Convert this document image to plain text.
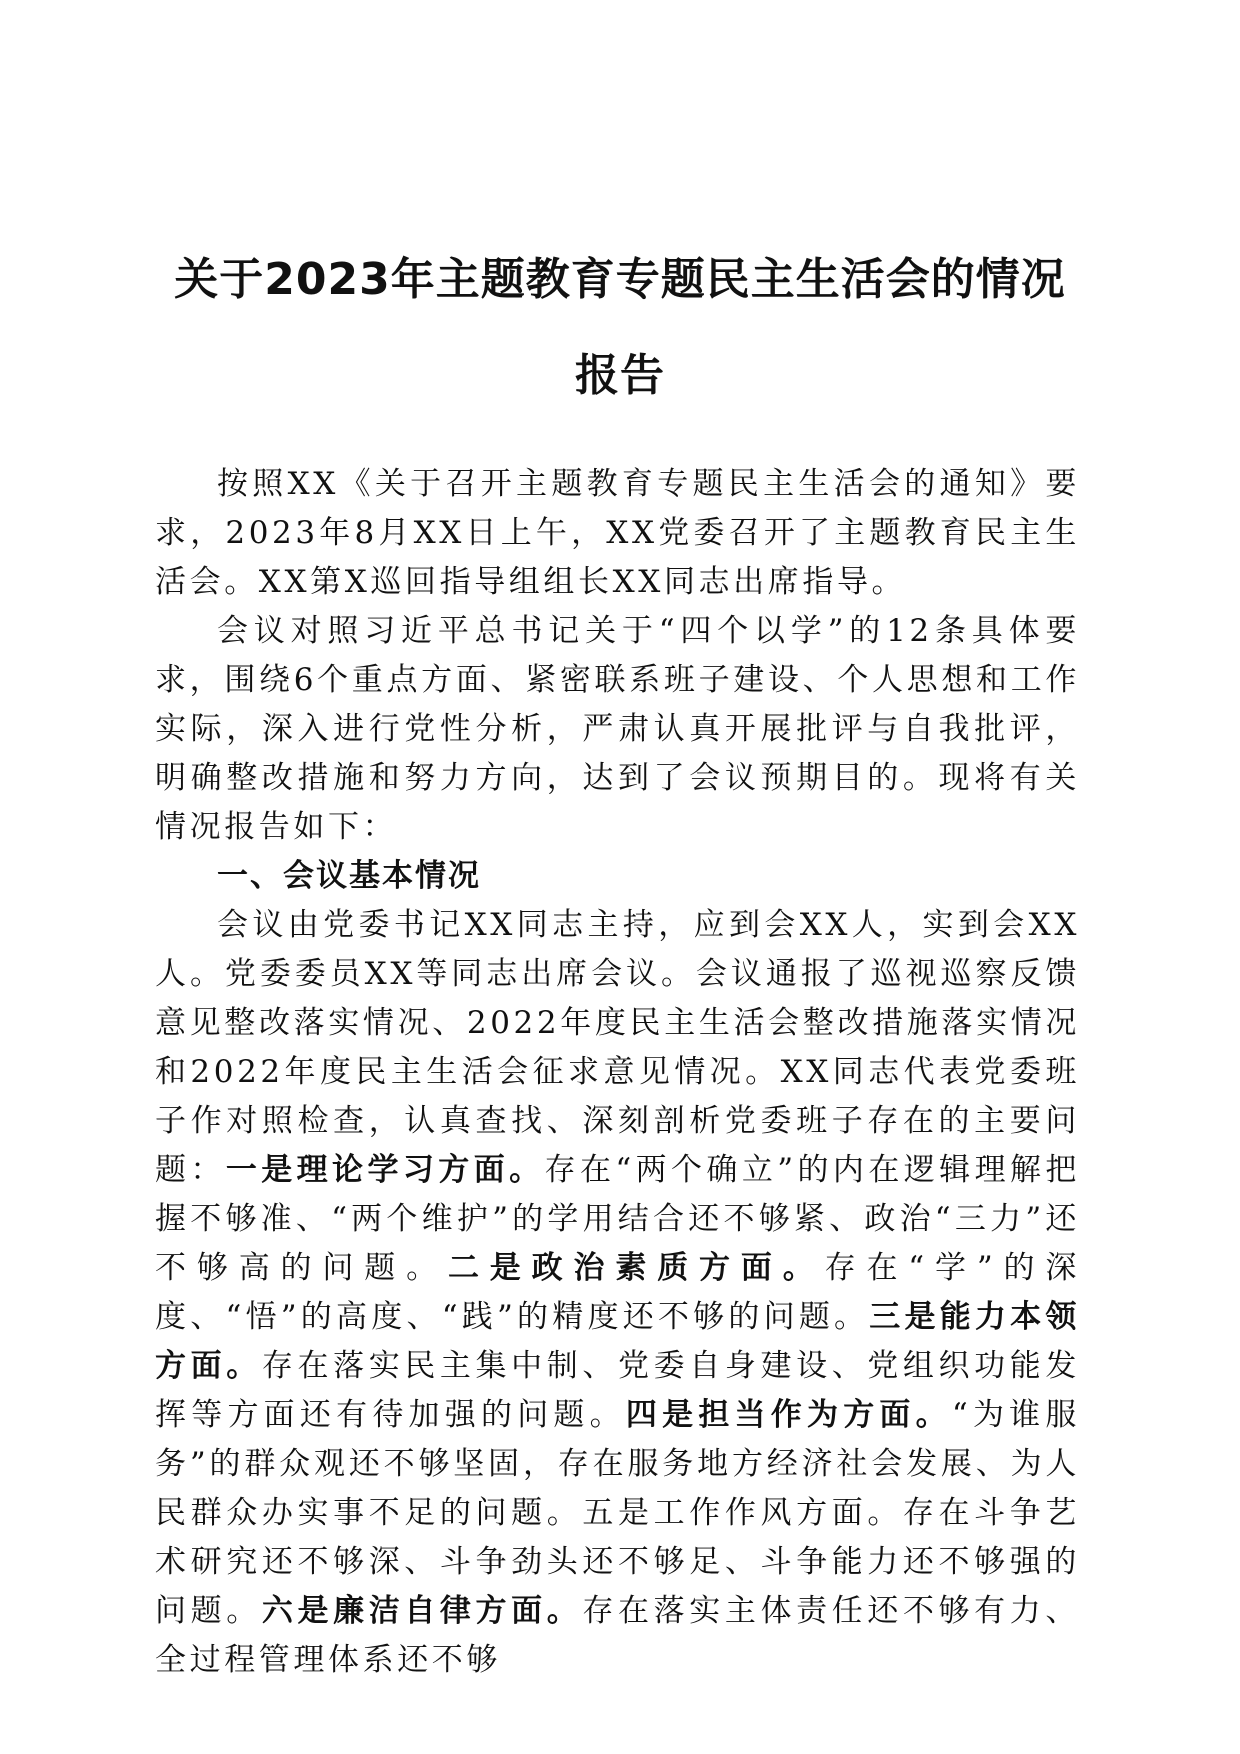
关于2023年主题教育专题民主生活会的情况
报告

按照XX《关于召开主题教育专题民主生活会的通知》要求，2023年8月XX日上午，XX党委召开了主题教育民主生活会。XX第X巡回指导组组长XX同志出席指导。

会议对照习近平总书记关于“四个以学”的12条具体要求，围绕6个重点方面、紧密联系班子建设、个人思想和工作实际，深入进行党性分析，严肃认真开展批评与自我批评，明确整改措施和努力方向，达到了会议预期目的。现将有关情况报告如下：

一、会议基本情况

会议由党委书记XX同志主持，应到会XX人，实到会XX人。党委委员XX等同志出席会议。会议通报了巡视巡察反馈意见整改落实情况、2022年度民主生活会整改措施落实情况和2022年度民主生活会征求意见情况。XX同志代表党委班子作对照检查，认真查找、深刻剖析党委班子存在的主要问题：一是理论学习方面。存在“两个确立”的内在逻辑理解把握不够准、“两个维护”的学用结合还不够紧、政治“三力”还不够高的问题。二是政治素质方面。存在“学”的深度、“悟”的高度、“践”的精度还不够的问题。三是能力本领方面。存在落实民主集中制、党委自身建设、党组织功能发挥等方面还有待加强的问题。四是担当作为方面。“为谁服务”的群众观还不够坚固，存在服务地方经济社会发展、为人民群众办实事不足的问题。五是工作作风方面。存在斗争艺术研究还不够深、斗争劲头还不够足、斗争能力还不够强的问题。六是廉洁自律方面。存在落实主体责任还不够有力、全过程管理体系还不够
